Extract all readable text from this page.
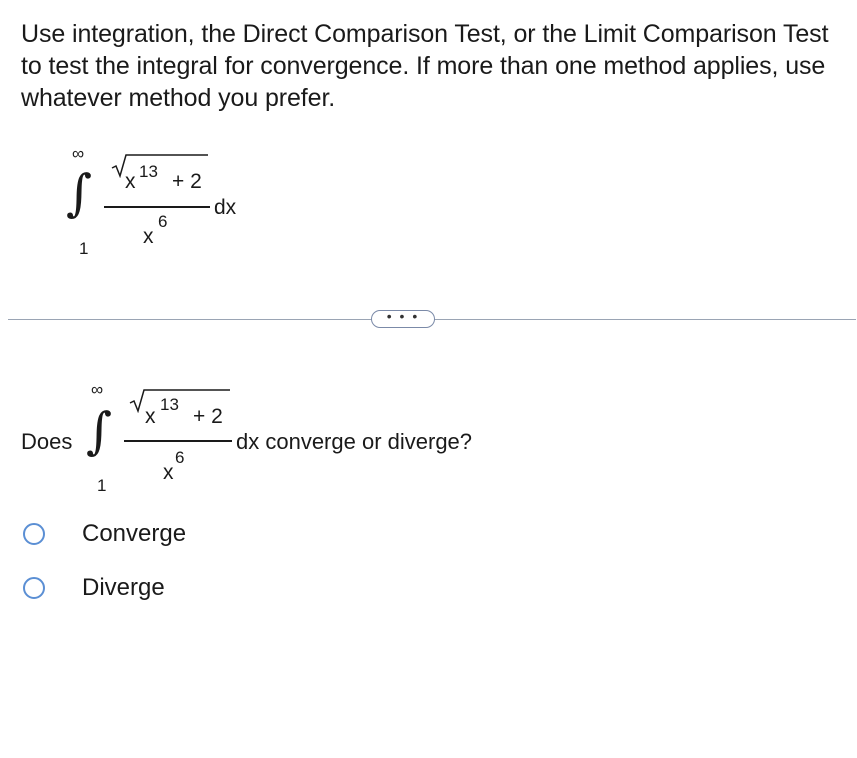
Use integration, the Direct Comparison Test, or the Limit Comparison Test to test the integral for convergence. If more than one method applies, use whatever method you prefer.
∞
∫
1
x 13 + 2
x
6
dx
• • •
Does
∞
∫
1
x
13
+ 2
x
6
dx converge or diverge?
Converge
Diverge
